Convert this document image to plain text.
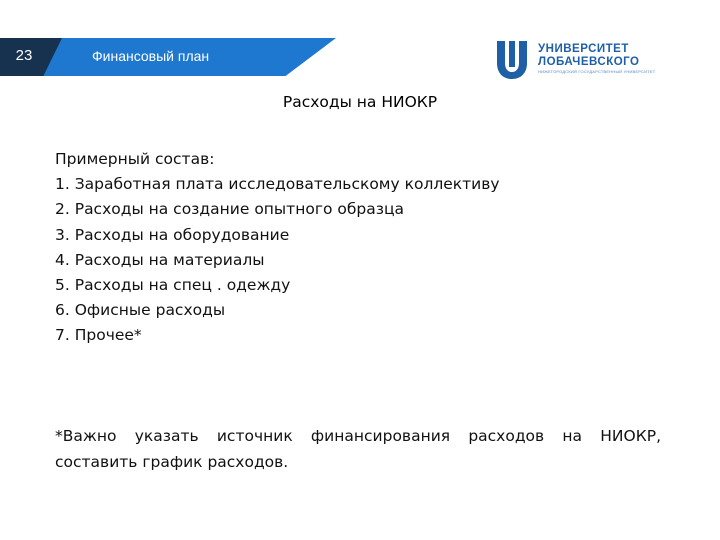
23	Финансовый план	УНИВЕРСИТЕТ
ЛОБАЧЕВСКОГО
НИЖЕГОРОДСКИЙ ГОСУДАРСТВЕННЫЙ УНИВЕРСИТЕТ
Расходы на НИОКР
Примерный состав:
1. Заработная плата исследовательскому коллективу
2. Расходы на создание опытного образца
3. Расходы на оборудование
4. Расходы на материалы
5. Расходы на спец . одежду
6. Офисные расходы
7. Прочее*
*Важно указать источник финансирования расходов на НИОКР, составить график расходов.
